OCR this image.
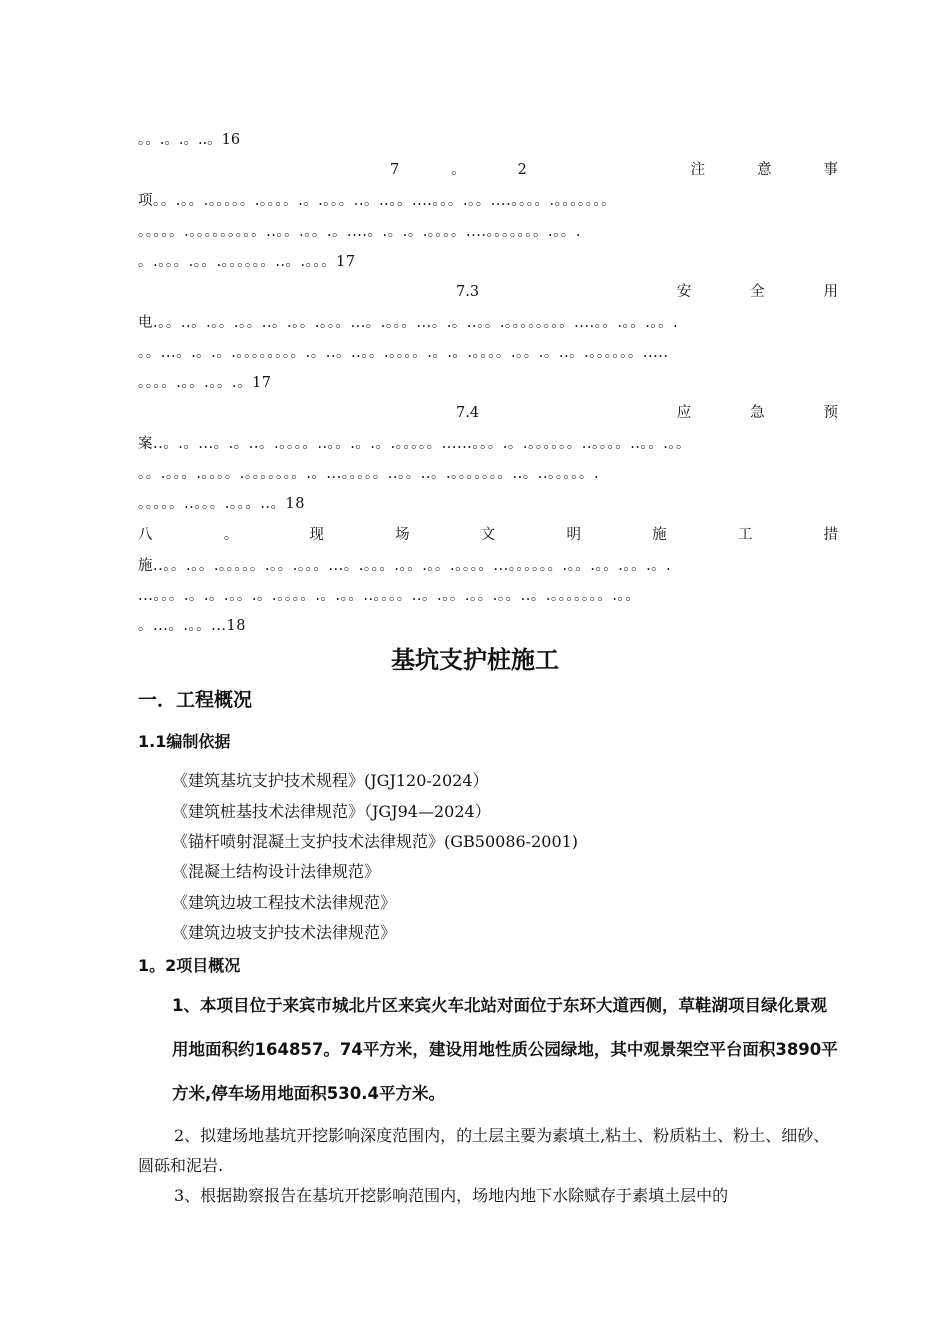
。。.。.。..。16
7	。	2	注	意	事
项。。.。。.。。。。。.。。。。.。.。。。..。..。。....。。。.。。....。。。。.。。。。。。。
。。。。。.。。。。。。。。。..。。.。。.。....。.。.。.。。。。....。。。。。。。.。。.
。.。。。.。。.。。。。。。..。.。。。17
7.3	安	全	用
电.。。..。.。。.。。..。.。。.。。。...。.。。。...。.。..。。.。。。。。。。。....。。.。。.。。.
。。...。.。.。.。。。。。。。。.。..。..。。.。。。。.。.。.。。。。.。。.。..。.。。。。。。.....
。。。。.。。.。。.。17
7.4	应	急	预
案..。.。...。.。..。.。。。。..。。.。.。.。。。。。......。。。.。.。。。。。。..。。。。..。。.。。
。。.。。。.。。。。.。。。。。。。.。...。。。。。..。。..。.。。。。。。。..。..。。。。。.
。。。。。..。。。.。。。..。18
八	。	现	场	文	明	施	工	措
施..。。.。。.。。。。。.。。.。。。...。.。。。.。。.。。.。。。。...。。。。。。.。。.。。.。。.。.
...。。。.。.。.。。.。.。。。。.。.。。..。。。。..。.。。.。。.。。..。.。。。。。。。.。。
。...。.。。...18
基坑支护桩施工
一．工程概况
1.1编制依据
《建筑基坑支护技术规程》(JGJ120-2024）
《建筑桩基技术法律规范》（JGJ94—2024）
《锚杆喷射混凝土支护技术法律规范》(GB50086-2001)
《混凝土结构设计法律规范》
《建筑边坡工程技术法律规范》
《建筑边坡支护技术法律规范》
1。2项目概况
1、本项目位于来宾市城北片区来宾火车北站对面位于东环大道西侧，草鞋湖项目绿化景观用地面积约164857。74平方米，建设用地性质公园绿地，其中观景架空平台面积3890平方米,停车场用地面积530.4平方米。
2、拟建场地基坑开挖影响深度范围内，的土层主要为素填土,粘土、粉质粘土、粉土、细砂、圆砾和泥岩.
3、根据勘察报告在基坑开挖影响范围内，场地内地下水除赋存于素填土层中的
